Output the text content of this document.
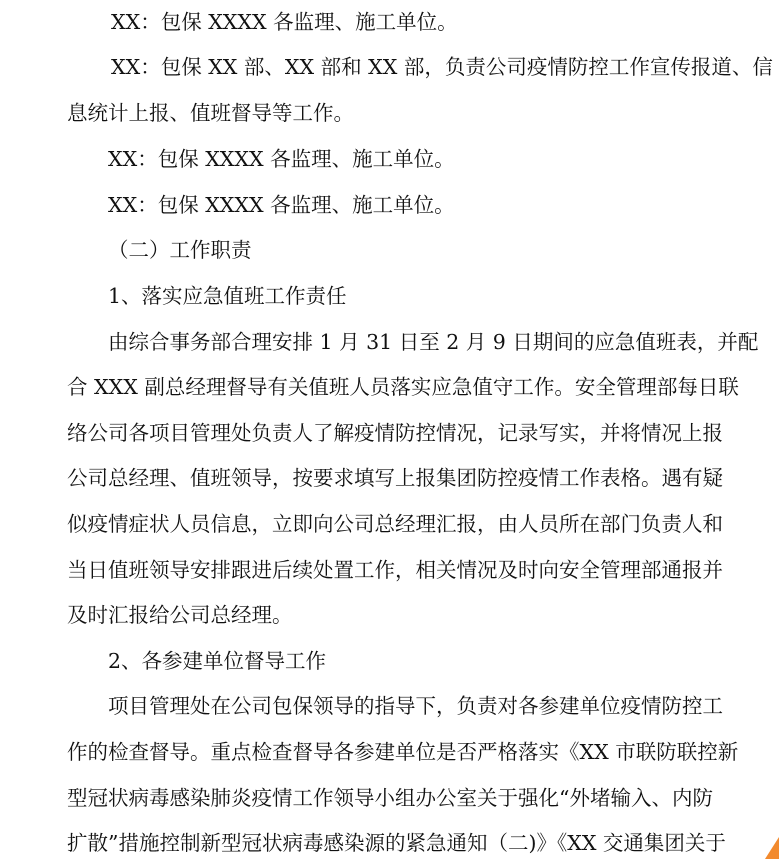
XX：包保 XXXX 各监理、施工单位。
XX：包保 XX 部、XX 部和 XX 部，负责公司疫情防控工作宣传报道、信
息统计上报、值班督导等工作。
XX：包保 XXXX 各监理、施工单位。
XX：包保 XXXX 各监理、施工单位。
（二）工作职责
1、落实应急值班工作责任
由综合事务部合理安排 1 月 31 日至 2 月 9 日期间的应急值班表，并配
合 XXX 副总经理督导有关值班人员落实应急值守工作。安全管理部每日联
络公司各项目管理处负责人了解疫情防控情况，记录写实，并将情况上报
公司总经理、值班领导，按要求填写上报集团防控疫情工作表格。遇有疑
似疫情症状人员信息，立即向公司总经理汇报，由人员所在部门负责人和
当日值班领导安排跟进后续处置工作，相关情况及时向安全管理部通报并
及时汇报给公司总经理。
2、各参建单位督导工作
项目管理处在公司包保领导的指导下，负责对各参建单位疫情防控工
作的检查督导。重点检查督导各参建单位是否严格落实《XX 市联防联控新
型冠状病毒感染肺炎疫情工作领导小组办公室关于强化“外堵输入、内防
扩散”措施控制新型冠状病毒感染源的紧急通知（二)》《XX 交通集团关于
